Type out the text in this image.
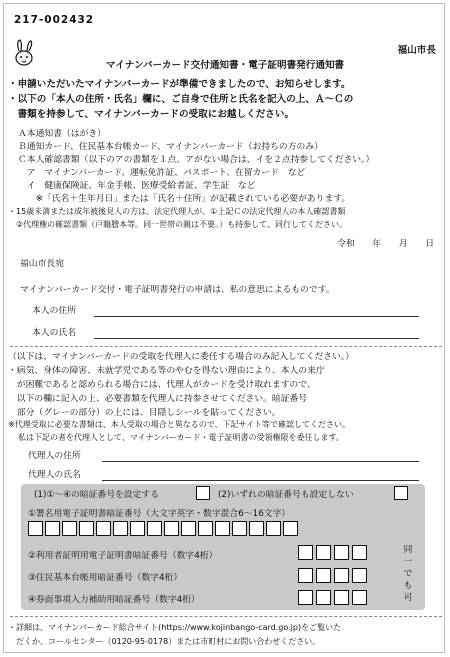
217-002432
福山市長
マイナンバーカード交付通知書・電子証明書発行通知書
・申請いただいたマイナンバーカードが準備できましたので、お知らせします。
・以下の「本人の住所・氏名」欄に、ご自身で住所と氏名を記入の上、Ａ～Ｃの
　書類を持参して、マイナンバーカードの受取にお越しください。
Ａ本通知書（はがき）
Ｂ通知カード、住民基本台帳カード、マイナンバーカード（お持ちの方のみ）
Ｃ本人確認書類（以下のアの書類を１点。アがない場合は、イを２点持参してください。）
　ア　マイナンバーカード、運転免許証、パスポート、在留カード　など
　イ　健康保険証、年金手帳、医療受給者証、学生証　など
　　※「氏名＋生年月日」または「氏名＋住所」が記載されている必要があります。
・15歳未満または成年被後見人の方は、法定代理人が、①上記Ｃの法定代理人の本人確認書類
　②代理権の確認書類（戸籍謄本等。同一世帯の親は不要。）も持参して、同行してください。
令和　　年　　月　　日
福山市長宛
マイナンバーカード交付・電子証明書発行の申請は、私の意思によるものです。
本人の住所
本人の氏名
（以下は、マイナンバーカードの受取を代理人に委任する場合のみ記入してください。）
・病気、身体の障害、未就学児である等のやむを得ない理由により、本人の来庁
　が困難であると認められる場合には、代理人がカードを受け取れますので、
　以下の欄に記入の上、必要書類を代理人に持参させてください。暗証番号
　部分（グレーの部分）の上には、目隠しシールを貼ってください。
※代理受取に必要な書類は、本人受取の場合と異なるので、下記サイト等で確認してください。
私は下記の者を代理人として、マイナンバーカード・電子証明書の受領権限を委任します。
代理人の住所
代理人の氏名
(1)①～④の暗証番号を設定する	(2)いずれの暗証番号も設定しない
①署名用電子証明書暗証番号（大文字英字・数字混合6～16文字）
②利用者証明用電子証明書暗証番号（数字4桁）
③住民基本台帳用暗証番号（数字4桁）
④券面事項入力補助用暗証番号（数字4桁）
同一でも可
・詳細は、マイナンバーカード総合サイト(https://www.kojinbango-card.go.jp)をご覧いた
　だくか、コールセンター（0120-95-0178）または市町村にお問い合わせください。
